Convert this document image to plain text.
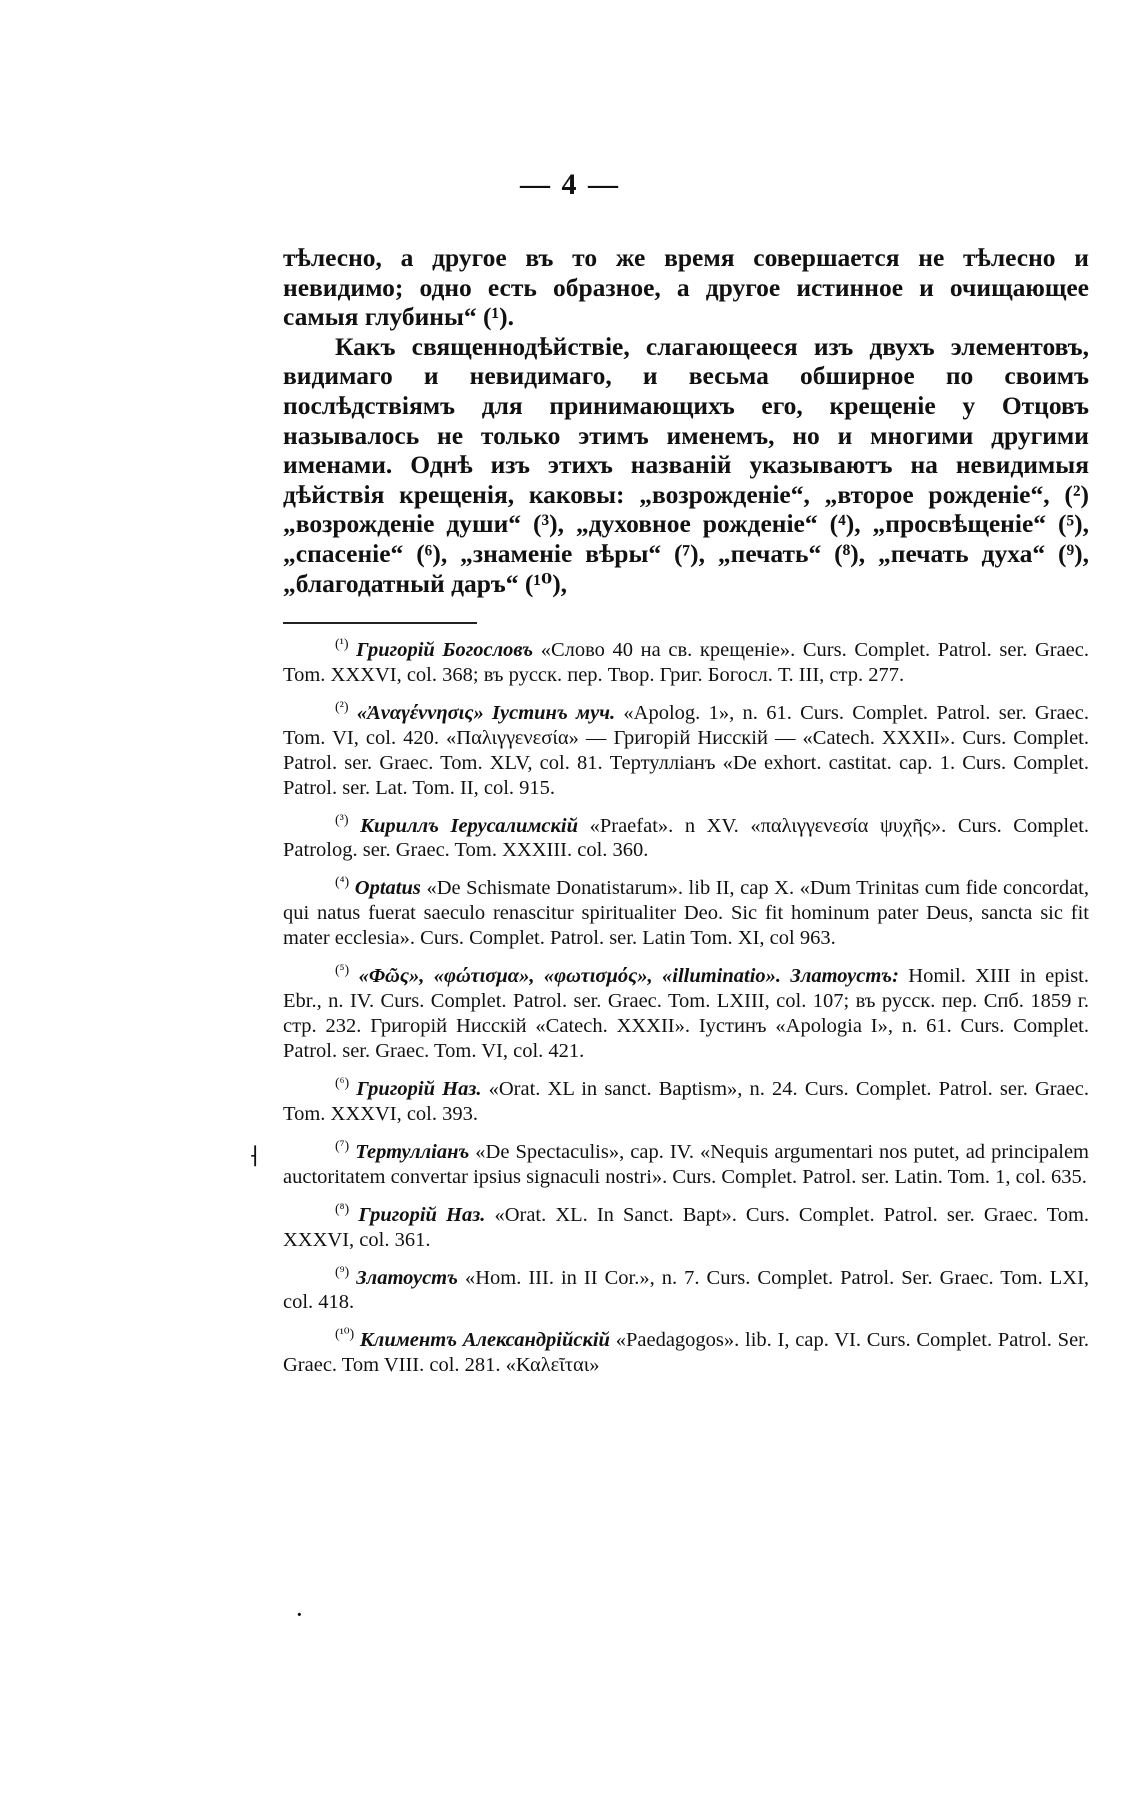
— 4 —

тѣлесно, а другое въ то же время совершается не тѣлесно и невидимо; одно есть образное, а другое истинное и очищающее самыя глубины“ (¹).

Какъ священнодѣйствіе, слагающееся изъ двухъ элементовъ, видимаго и невидимаго, и весьма обширное по своимъ послѣдствіямъ для принимающихъ его, крещеніе у Отцовъ называлось не только этимъ именемъ, но и многими другими именами. Однѣ изъ этихъ названій указываютъ на невидимыя дѣйствія крещенія, каковы: „возрожденіе“, „второе рожденіе“, (²) „возрожденіе души“ (³), „духовное рожденіе“ (⁴), „просвѣщеніе“ (⁵), „спасеніе“ (⁶), „знаменіе вѣры“ (⁷), „печать“ (⁸), „печать духа“ (⁹), „благодатный даръ“ (¹⁰),

$^{(^1)}$ Григорій Богословъ «Слово 40 на св. крещеніе». Curs. Complet. Patrol. ser. Graec. Tom. XXXVI, col. 368; въ русск. пер. Твор. Григ. Богосл. Т. III, стр. 277.

$^{(^2)}$ «Ἀναγέννησις» Іустинъ муч. «Apolog. 1», n. 61. Curs. Complet. Patrol. ser. Graec. Tom. VI, col. 420. «Παλιγγενεσία» — Григорій Нисскій — «Catech. XXXII». Curs. Complet. Patrol. ser. Graec. Tom. XLV, col. 81. Тертулліанъ «De exhort. castitat. cap. 1. Curs. Complet. Patrol. ser. Lat. Tom. II, col. 915.

$^{(^3)}$ Кириллъ Іерусалимскій «Praefat». n XV. «παλιγγενεσία ψυχῆς». Curs. Complet. Patrolog. ser. Graec. Tom. XXXIII. col. 360.

$^{(^4)}$ Optatus «De Schismate Donatistarum». lib II, cap X. «Dum Trinitas cum fide concordat, qui natus fuerat saeculo renascitur spiritualiter Deo. Sic fit hominum pater Deus, sancta sic fit mater ecclesia». Curs. Complet. Patrol. ser. Latin Tom. XI, col 963.

$^{(^5)}$ «Φῶς», «φώτισμα», «φωτισμός», «illuminatio». Златоустъ: Homil. XIII in epist. Ebr., n. IV. Curs. Complet. Patrol. ser. Graec. Tom. LXIII, col. 107; въ русск. пер. Спб. 1859 г. стр. 232. Григорій Нисскій «Catech. XXXII». Іустинъ «Apologia I», n. 61. Curs. Complet. Patrol. ser. Graec. Tom. VI, col. 421.

$^{(^6)}$ Григорій Наз. «Orat. XL in sanct. Baptism», n. 24. Curs. Complet. Patrol. ser. Graec. Tom. XXXVI, col. 393.

$^{(^7)}$ Тертулліанъ «De Spectaculis», cap. IV. «Nequis argumentari nos putet, ad principalem auctoritatem convertar ipsius signaculi nostri». Curs. Complet. Patrol. ser. Latin. Tom. 1, col. 635.

$^{(^8)}$ Григорій Наз. «Orat. XL. In Sanct. Bapt». Curs. Complet. Patrol. ser. Graec. Tom. XXXVI, col. 361.

$^{(^9)}$ Златоустъ «Hom. III. in II Cor.», n. 7. Curs. Complet. Patrol. Ser. Graec. Tom. LXI, col. 418.

$^{(^{10})}$ Климентъ Александрійскій «Paedagogos». lib. I, cap. VI. Curs. Complet. Patrol. Ser. Graec. Tom VIII. col. 281. «Καλεῖται»

⸡
·
